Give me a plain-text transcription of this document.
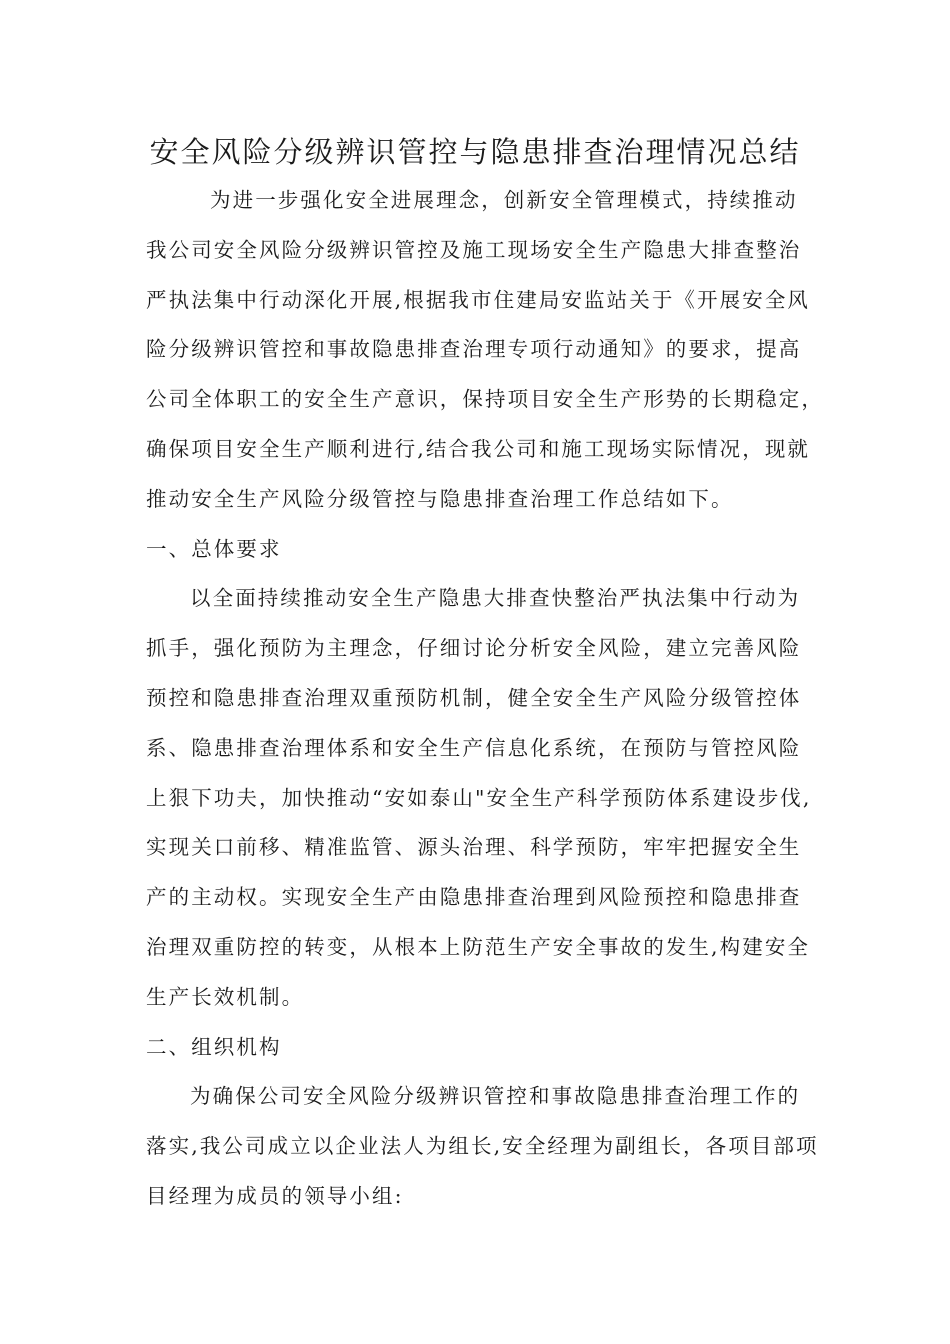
安全风险分级辨识管控与隐患排查治理情况总结
为进一步强化安全进展理念，创新安全管理模式，持续推动
我公司安全风险分级辨识管控及施工现场安全生产隐患大排查整治
严执法集中行动深化开展,根据我市住建局安监站关于《开展安全风
险分级辨识管控和事故隐患排查治理专项行动通知》的要求，提高
公司全体职工的安全生产意识，保持项目安全生产形势的长期稳定，
确保项目安全生产顺利进行,结合我公司和施工现场实际情况，现就
推动安全生产风险分级管控与隐患排查治理工作总结如下。
一、总体要求
以全面持续推动安全生产隐患大排查快整治严执法集中行动为
抓手，强化预防为主理念，仔细讨论分析安全风险，建立完善风险
预控和隐患排查治理双重预防机制，健全安全生产风险分级管控体
系、隐患排查治理体系和安全生产信息化系统，在预防与管控风险
上狠下功夫，加快推动“安如泰山"安全生产科学预防体系建设步伐,
实现关口前移、精准监管、源头治理、科学预防，牢牢把握安全生
产的主动权。实现安全生产由隐患排查治理到风险预控和隐患排查
治理双重防控的转变，从根本上防范生产安全事故的发生,构建安全
生产长效机制。
二、组织机构
为确保公司安全风险分级辨识管控和事故隐患排查治理工作的
落实,我公司成立以企业法人为组长,安全经理为副组长，各项目部项
目经理为成员的领导小组:
